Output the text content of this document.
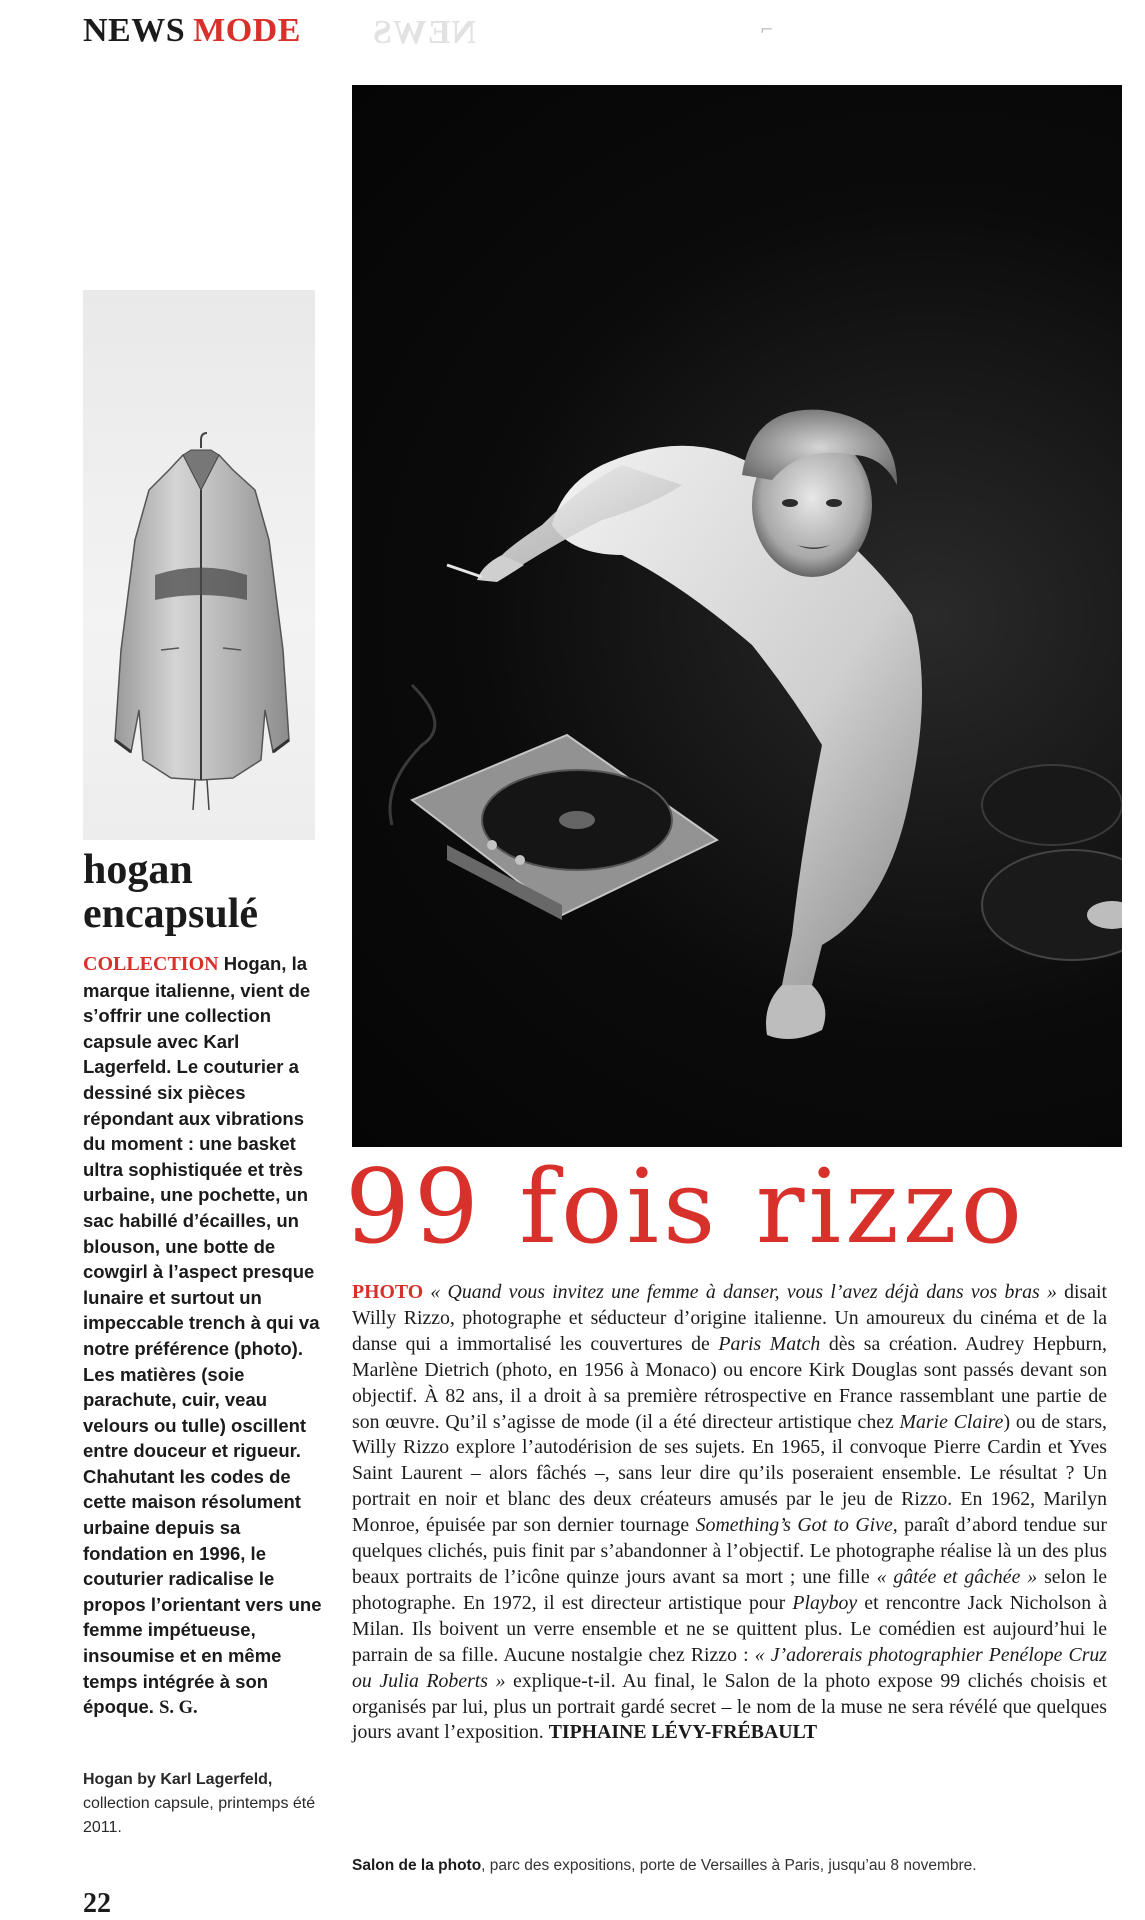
NEWS MODE NEWS	⌐
hogan encapsulé
COLLECTION Hogan, la marque italienne, vient de s’offrir une collection capsule avec Karl Lagerfeld. Le couturier a dessiné six pièces répondant aux vibrations du moment : une basket ultra sophistiquée et très urbaine, une pochette, un sac habillé d’écailles, un blouson, une botte de cowgirl à l’aspect presque lunaire et surtout un impeccable trench à qui va notre préférence (photo). Les matières (soie parachute, cuir, veau velours ou tulle) oscillent entre douceur et rigueur. Chahutant les codes de cette maison résolument urbaine depuis sa fondation en 1996, le couturier radicalise le propos l’orientant vers une femme impétueuse, insoumise et en même temps intégrée à son époque. S. G.
Hogan by Karl Lagerfeld,
collection capsule, printemps été 2011.
99 fois rizzo
PHOTO « Quand vous invitez une femme à danser, vous l’avez déjà dans vos bras » disait Willy Rizzo, photographe et séducteur d’origine italienne. Un amoureux du cinéma et de la danse qui a immortalisé les couvertures de Paris Match dès sa création. Audrey Hepburn, Marlène Dietrich (photo, en 1956 à Monaco) ou encore Kirk Douglas sont passés devant son objectif. À 82 ans, il a droit à sa première rétrospective en France rassemblant une partie de son œuvre. Qu’il s’agisse de mode (il a été directeur artistique chez Marie Claire) ou de stars, Willy Rizzo explore l’autodérision de ses sujets. En 1965, il convoque Pierre Cardin et Yves Saint Laurent – alors fâchés –, sans leur dire qu’ils poseraient ensemble. Le résultat ? Un portrait en noir et blanc des deux créateurs amusés par le jeu de Rizzo. En 1962, Marilyn Monroe, épuisée par son dernier tournage Something’s Got to Give, paraît d’abord tendue sur quelques clichés, puis finit par s’abandonner à l’objectif. Le photographe réalise là un des plus beaux portraits de l’icône quinze jours avant sa mort ; une fille « gâtée et gâchée » selon le photographe. En 1972, il est directeur artistique pour Playboy et rencontre Jack Nicholson à Milan. Ils boivent un verre ensemble et ne se quittent plus. Le comédien est aujourd’hui le parrain de sa fille. Aucune nostalgie chez Rizzo : « J’adorerais photographier Penélope Cruz ou Julia Roberts » explique-t-il. Au final, le Salon de la photo expose 99 clichés choisis et organisés par lui, plus un portrait gardé secret – le nom de la muse ne sera révélé que quelques jours avant l’exposition. TIPHAINE LÉVY-FRÉBAULT
Salon de la photo, parc des expositions, porte de Versailles à Paris, jusqu’au 8 novembre.
22
